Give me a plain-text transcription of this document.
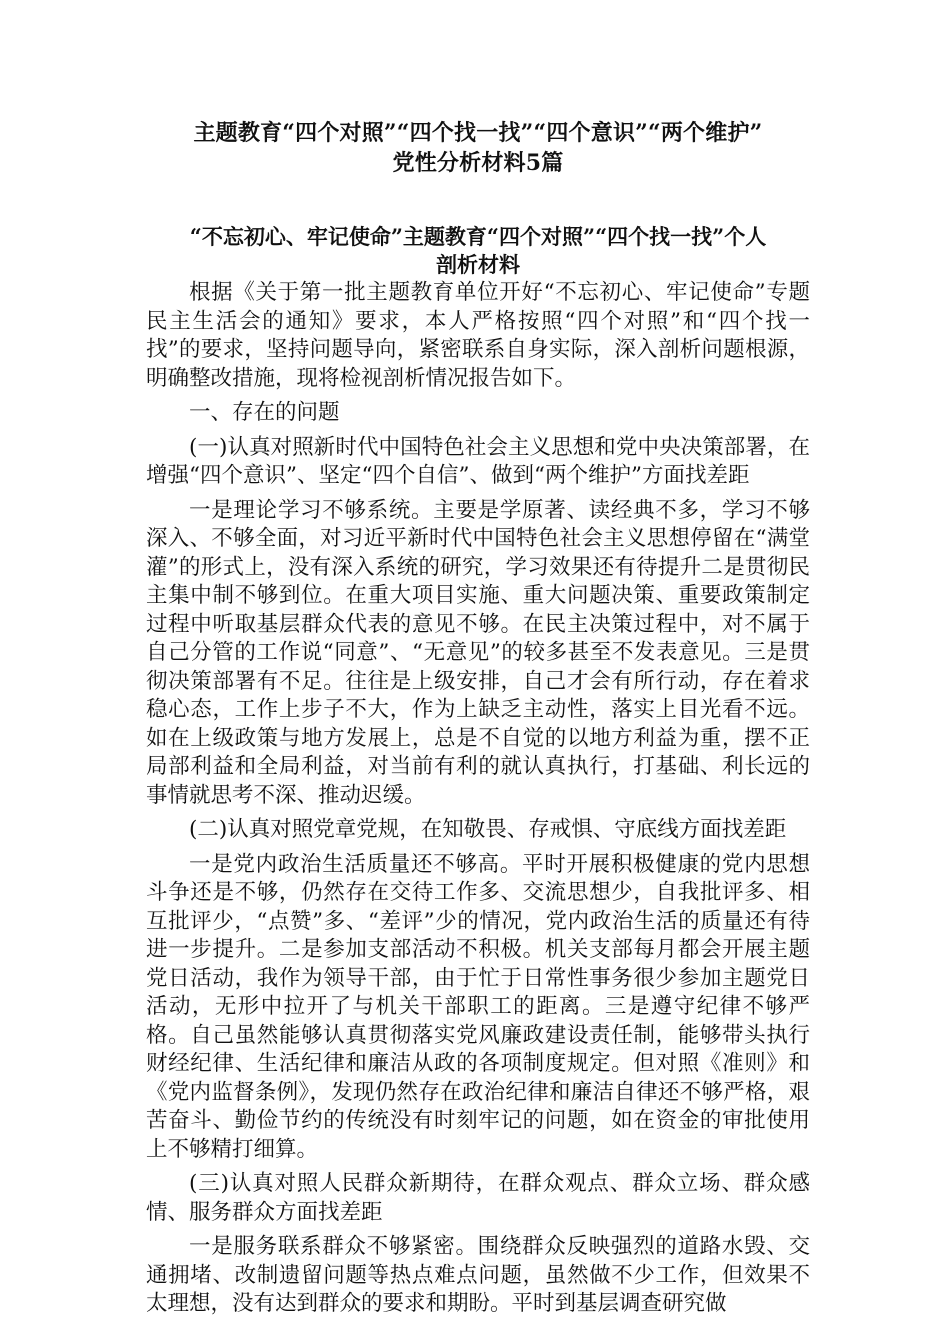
主题教育“四个对照”“四个找一找”“四个意识”“两个维护”

党性分析材料5篇

“不忘初心、牢记使命”主题教育“四个对照”“四个找一找”个人

剖析材料

根据《关于第一批主题教育单位开好“不忘初心、牢记使命”专题民主生活会的通知》要求，本人严格按照“四个对照”和“四个找一找”的要求，坚持问题导向，紧密联系自身实际，深入剖析问题根源，明确整改措施，现将检视剖析情况报告如下。

一、存在的问题

(一)认真对照新时代中国特色社会主义思想和党中央决策部署，在增强“四个意识”、坚定“四个自信”、做到“两个维护”方面找差距

一是理论学习不够系统。主要是学原著、读经典不多，学习不够深入、不够全面，对习近平新时代中国特色社会主义思想停留在“满堂灌”的形式上，没有深入系统的研究，学习效果还有待提升二是贯彻民主集中制不够到位。在重大项目实施、重大问题决策、重要政策制定过程中听取基层群众代表的意见不够。在民主决策过程中，对不属于自己分管的工作说“同意”、“无意见”的较多甚至不发表意见。三是贯彻决策部署有不足。往往是上级安排，自己才会有所行动，存在着求稳心态，工作上步子不大，作为上缺乏主动性，落实上目光看不远。如在上级政策与地方发展上，总是不自觉的以地方利益为重，摆不正局部利益和全局利益，对当前有利的就认真执行，打基础、利长远的事情就思考不深、推动迟缓。

(二)认真对照党章党规，在知敬畏、存戒惧、守底线方面找差距

一是党内政治生活质量还不够高。平时开展积极健康的党内思想斗争还是不够，仍然存在交待工作多、交流思想少，自我批评多、相互批评少，“点赞”多、“差评”少的情况，党内政治生活的质量还有待进一步提升。二是参加支部活动不积极。机关支部每月都会开展主题党日活动，我作为领导干部，由于忙于日常性事务很少参加主题党日活动，无形中拉开了与机关干部职工的距离。三是遵守纪律不够严格。自己虽然能够认真贯彻落实党风廉政建设责任制，能够带头执行财经纪律、生活纪律和廉洁从政的各项制度规定。但对照《准则》和《党内监督条例》，发现仍然存在政治纪律和廉洁自律还不够严格，艰苦奋斗、勤俭节约的传统没有时刻牢记的问题，如在资金的审批使用上不够精打细算。

(三)认真对照人民群众新期待，在群众观点、群众立场、群众感情、服务群众方面找差距

一是服务联系群众不够紧密。围绕群众反映强烈的道路水毁、交通拥堵、改制遗留问题等热点难点问题，虽然做不少工作，但效果不太理想，没有达到群众的要求和期盼。平时到基层调查研究做
